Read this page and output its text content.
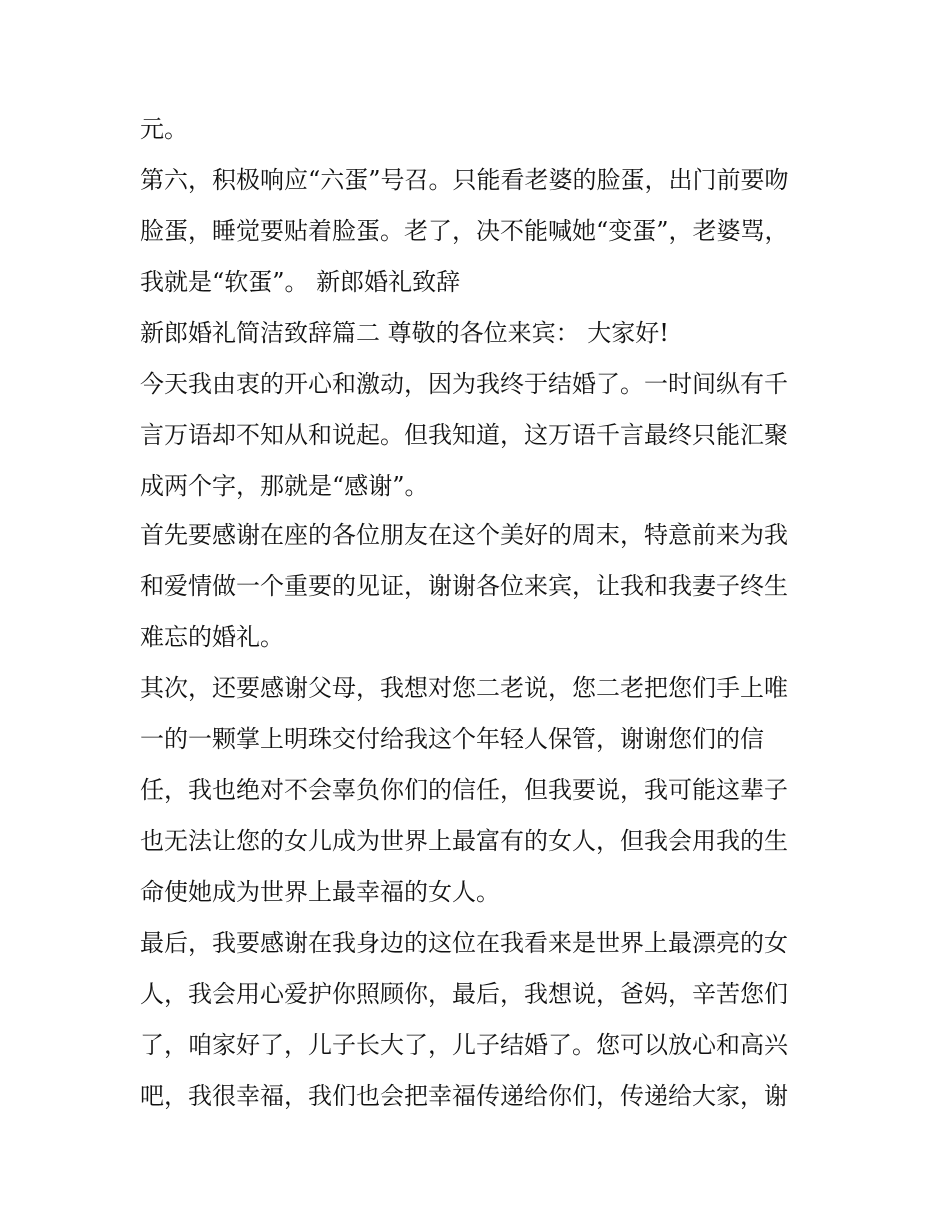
元。
第六，积极响应“六蛋”号召。只能看老婆的脸蛋，出门前要吻
脸蛋，睡觉要贴着脸蛋。老了，决不能喊她“变蛋”，老婆骂，
我就是“软蛋”。 新郎婚礼致辞
新郎婚礼简洁致辞篇二 尊敬的各位来宾： 大家好!
今天我由衷的开心和激动，因为我终于结婚了。一时间纵有千
言万语却不知从和说起。但我知道，这万语千言最终只能汇聚
成两个字，那就是“感谢”。
首先要感谢在座的各位朋友在这个美好的周末，特意前来为我
和爱情做一个重要的见证，谢谢各位来宾，让我和我妻子终生
难忘的婚礼。
其次，还要感谢父母，我想对您二老说，您二老把您们手上唯
一的一颗掌上明珠交付给我这个年轻人保管，谢谢您们的信
任，我也绝对不会辜负你们的信任，但我要说，我可能这辈子
也无法让您的女儿成为世界上最富有的女人，但我会用我的生
命使她成为世界上最幸福的女人。
最后，我要感谢在我身边的这位在我看来是世界上最漂亮的女
人，我会用心爱护你照顾你，最后，我想说，爸妈，辛苦您们
了，咱家好了，儿子长大了，儿子结婚了。您可以放心和高兴
吧，我很幸福，我们也会把幸福传递给你们，传递给大家，谢
